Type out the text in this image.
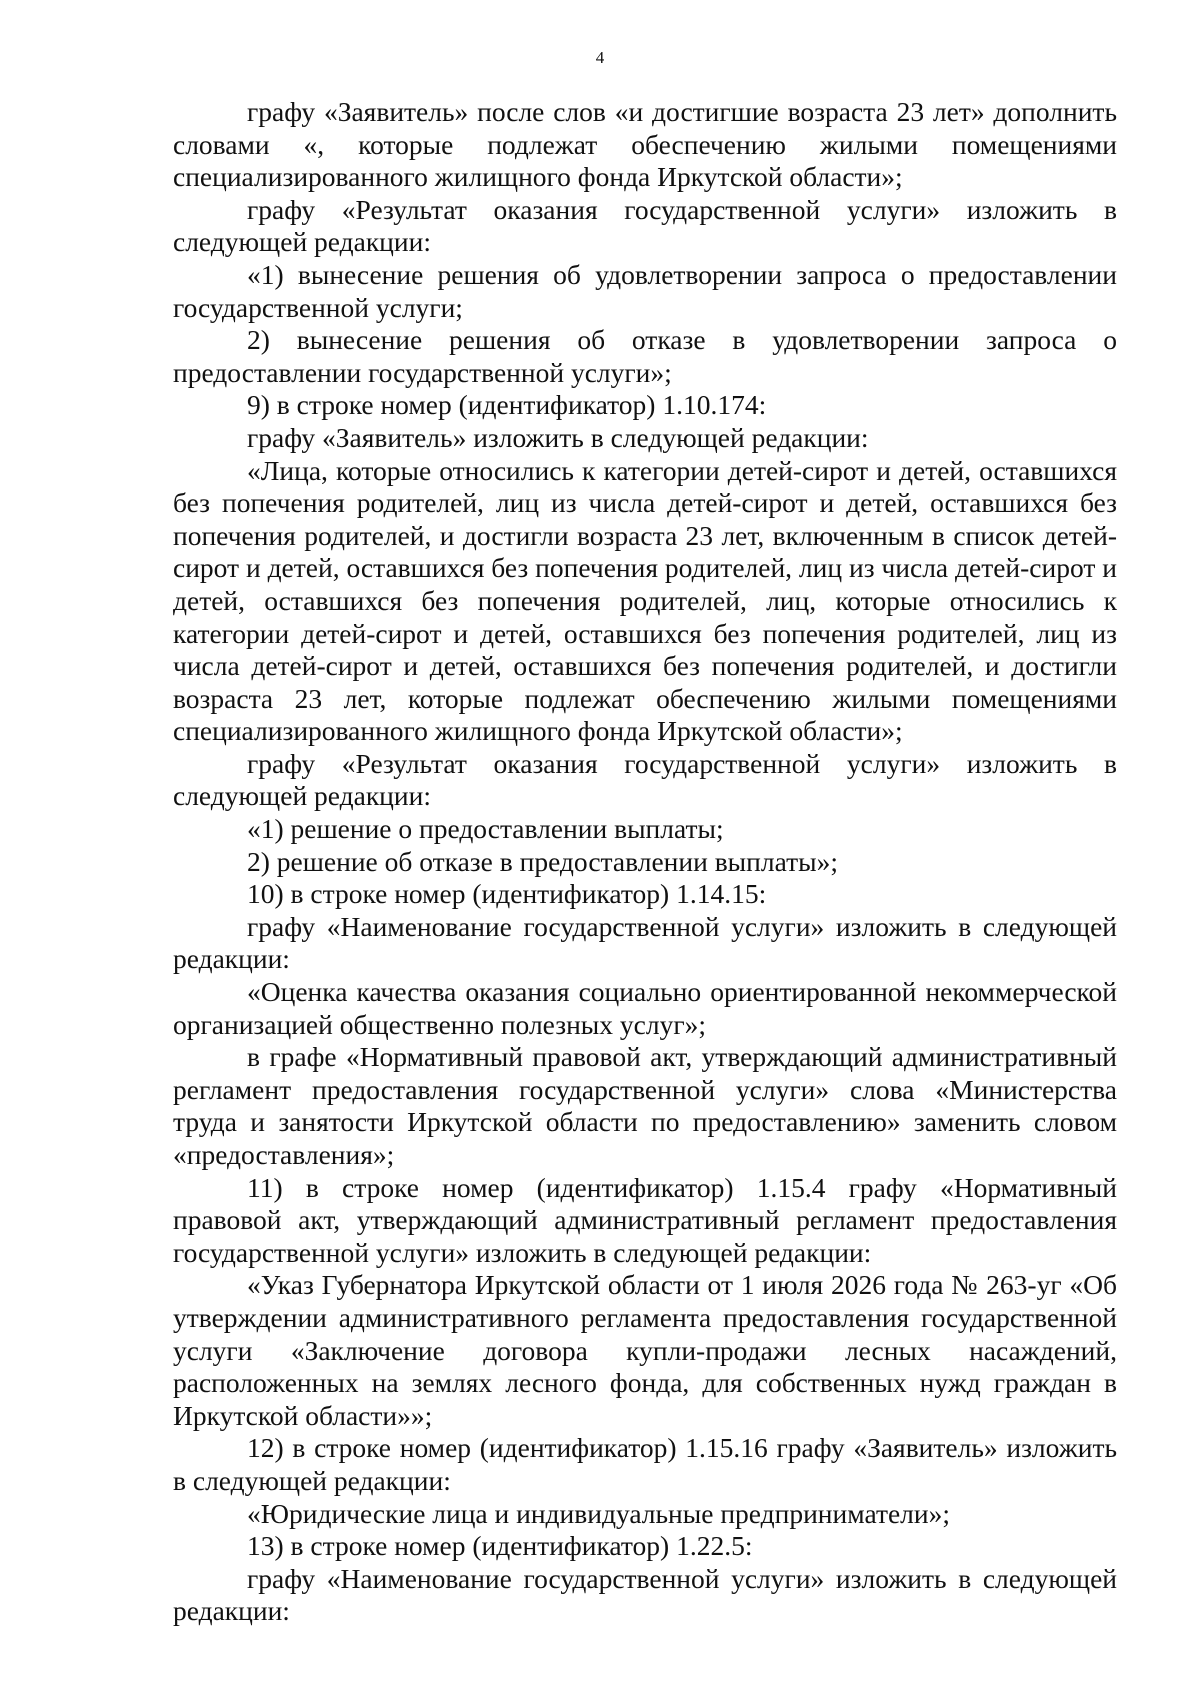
4

графу «Заявитель» после слов «и достигшие возраста 23 лет» дополнить словами «, которые подлежат обеспечению жилыми помещениями специализированного жилищного фонда Иркутской области»;

графу «Результат оказания государственной услуги» изложить в следующей редакции:

«1) вынесение решения об удовлетворении запроса о предоставлении государственной услуги;

2) вынесение решения об отказе в удовлетворении запроса о предоставлении государственной услуги»;

9) в строке номер (идентификатор) 1.10.174:

графу «Заявитель» изложить в следующей редакции:

«Лица, которые относились к категории детей-сирот и детей, оставшихся без попечения родителей, лиц из числа детей-сирот и детей, оставшихся без попечения родителей, и достигли возраста 23 лет, включенным в список детей-сирот и детей, оставшихся без попечения родителей, лиц из числа детей-сирот и детей, оставшихся без попечения родителей, лиц, которые относились к категории детей-сирот и детей, оставшихся без попечения родителей, лиц из числа детей-сирот и детей, оставшихся без попечения родителей, и достигли возраста 23 лет, которые подлежат обеспечению жилыми помещениями специализированного жилищного фонда Иркутской области»;

графу «Результат оказания государственной услуги» изложить в следующей редакции:

«1) решение о предоставлении выплаты;

2) решение об отказе в предоставлении выплаты»;

10) в строке номер (идентификатор) 1.14.15:

графу «Наименование государственной услуги» изложить в следующей редакции:

«Оценка качества оказания социально ориентированной некоммерческой организацией общественно полезных услуг»;

в графе «Нормативный правовой акт, утверждающий административный регламент предоставления государственной услуги» слова «Министерства труда и занятости Иркутской области по предоставлению» заменить словом «предоставления»;

11) в строке номер (идентификатор) 1.15.4 графу «Нормативный правовой акт, утверждающий административный регламент предоставления государственной услуги» изложить в следующей редакции:

«Указ Губернатора Иркутской области от 1 июля 2026 года № 263-уг «Об утверждении административного регламента предоставления государственной услуги «Заключение договора купли-продажи лесных насаждений, расположенных на землях лесного фонда, для собственных нужд граждан в Иркутской области»»;

12) в строке номер (идентификатор) 1.15.16 графу «Заявитель» изложить в следующей редакции:

«Юридические лица и индивидуальные предприниматели»;

13) в строке номер (идентификатор) 1.22.5:

графу «Наименование государственной услуги» изложить в следующей редакции:
